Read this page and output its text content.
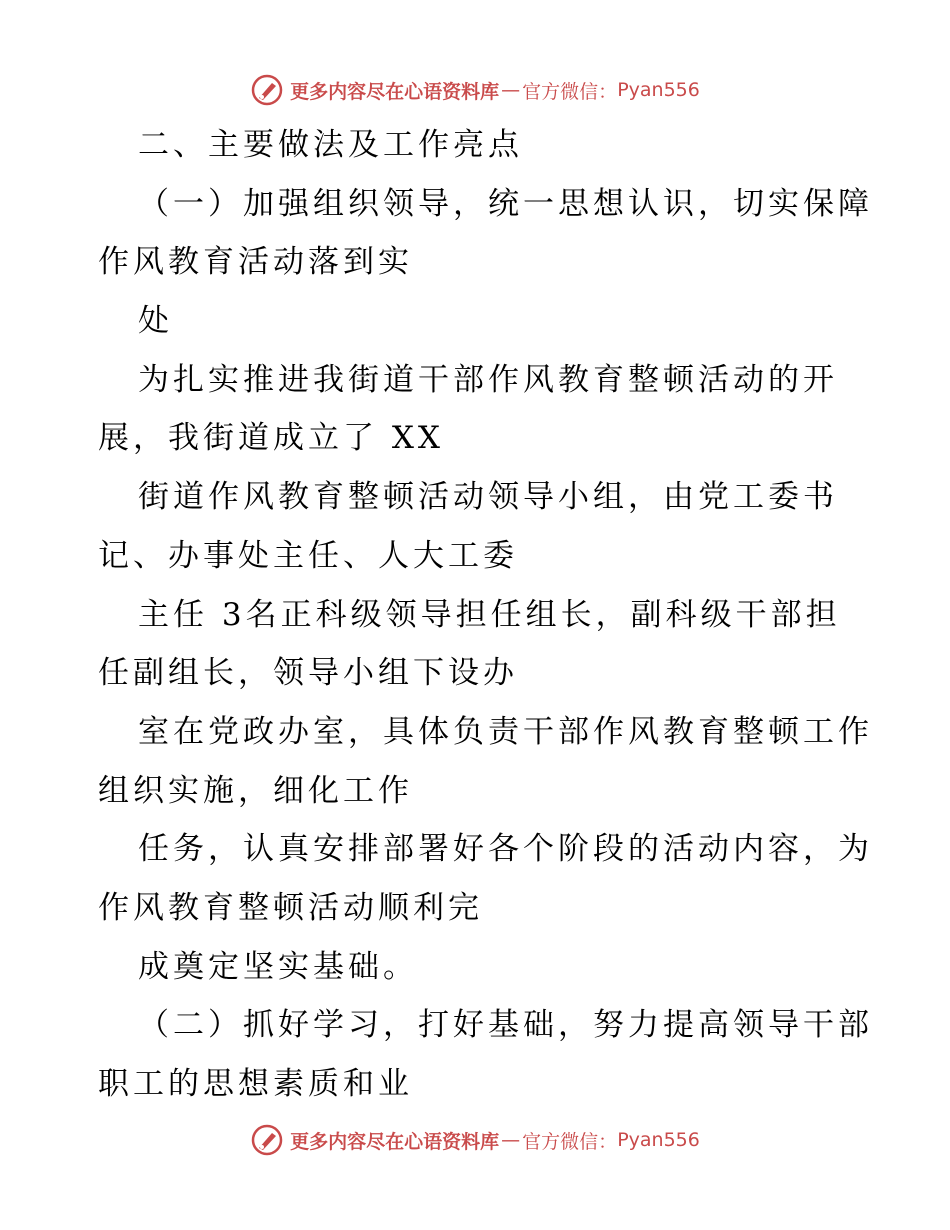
更多内容尽在心语资料库 — 官方微信： Pyan556
二、主要做法及工作亮点
（一）加强组织领导，统一思想认识，切实保障
作风教育活动落到实
处
为扎实推进我街道干部作风教育整顿活动的开
展，我街道成立了 XX
街道作风教育整顿活动领导小组，由党工委书
记、办事处主任、人大工委
主任 3名正科级领导担任组长，副科级干部担
任副组长，领导小组下设办
室在党政办室，具体负责干部作风教育整顿工作
组织实施，细化工作
任务，认真安排部署好各个阶段的活动内容，为
作风教育整顿活动顺利完
成奠定坚实基础。
（二）抓好学习，打好基础，努力提高领导干部
职工的思想素质和业
更多内容尽在心语资料库 — 官方微信： Pyan556
